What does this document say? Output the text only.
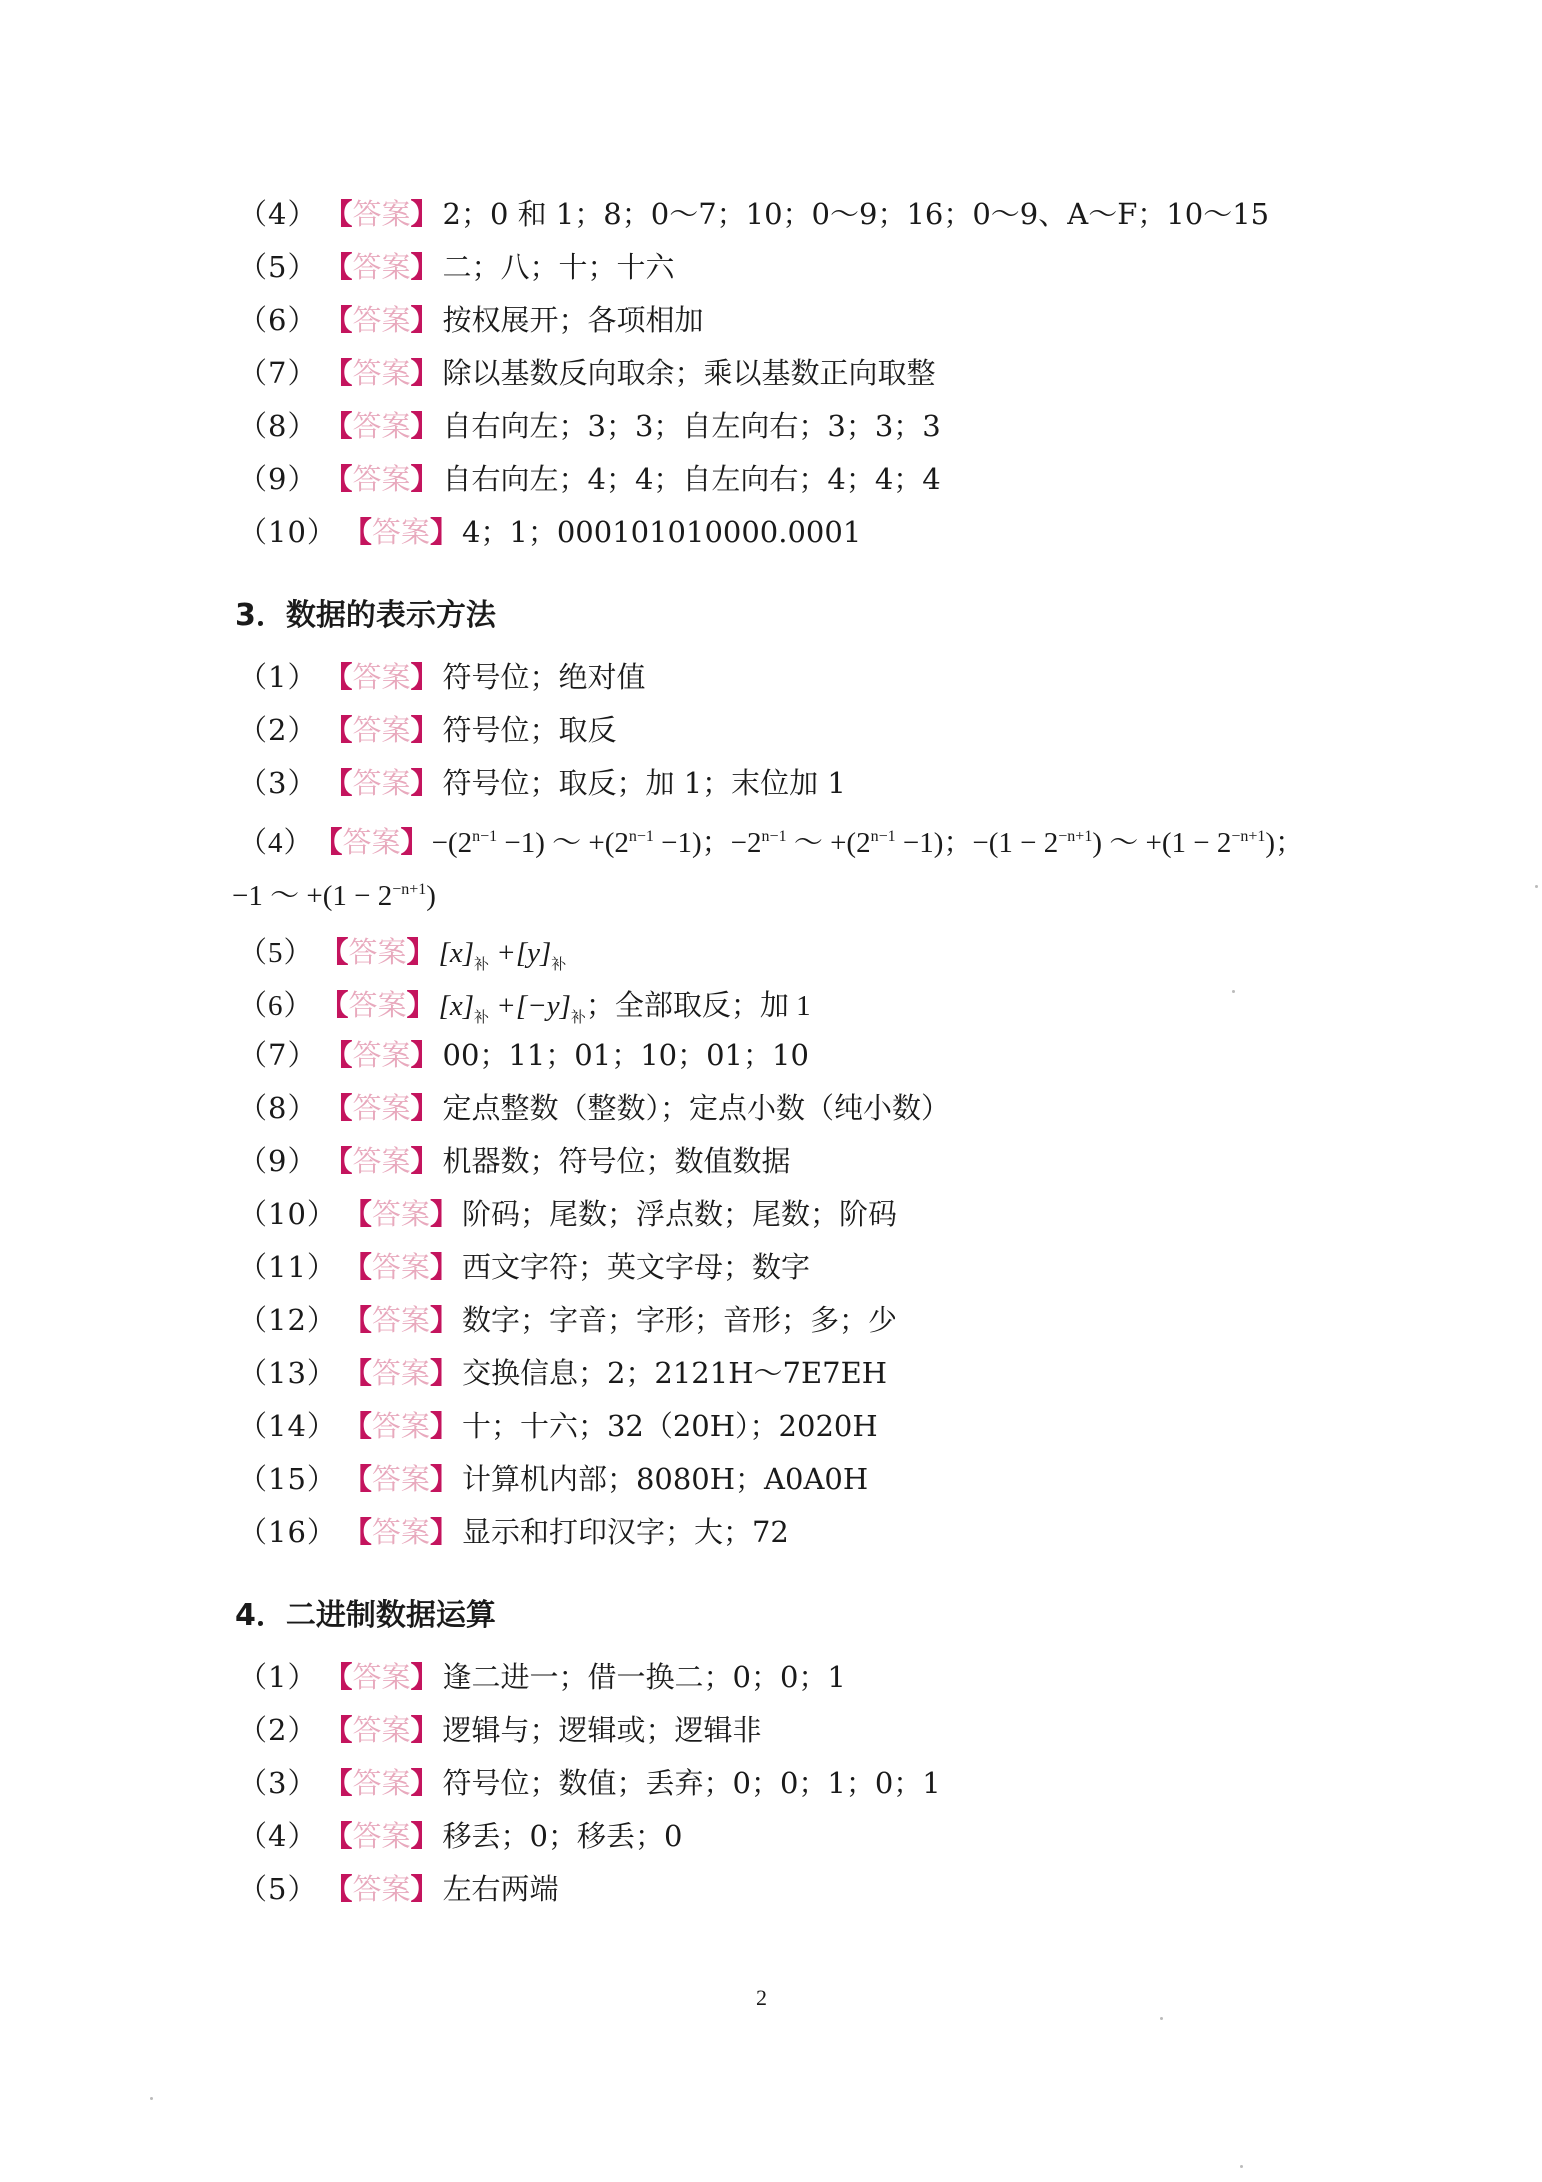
（4） 【答案】 2；0 和 1；8；0～7；10；0～9；16；0～9、A～F；10～15
（5） 【答案】 二；八；十；十六
（6） 【答案】 按权展开；各项相加
（7） 【答案】 除以基数反向取余；乘以基数正向取整
（8） 【答案】 自右向左；3；3；自左向右；3；3；3
（9） 【答案】 自右向左；4；4；自左向右；4；4；4
（10） 【答案】 4；1；000101010000.0001
3．数据的表示方法
（1） 【答案】 符号位；绝对值
（2） 【答案】 符号位；取反
（3） 【答案】 符号位；取反；加 1；末位加 1
（4）【答案】$-(2^{n-1} -1)$ ～ $+(2^{n-1} -1)$；$-2^{n-1}$ ～ $+(2^{n-1} -1)$；$-(1 - 2^{-n+1})$ ～ $+(1 - 2^{-n+1})$；
−1 ～ $+(1 - 2^{-n+1})$
（5） 【答案】 $[x]_补 +[y]_补$
（6） 【答案】 $[x]_补 +[-y]_补$；全部取反；加 1
（7） 【答案】 00；11；01；10；01；10
（8） 【答案】 定点整数（整数）；定点小数（纯小数）
（9） 【答案】 机器数；符号位；数值数据
（10） 【答案】 阶码；尾数；浮点数；尾数；阶码
（11） 【答案】 西文字符；英文字母；数字
（12） 【答案】 数字；字音；字形；音形；多；少
（13） 【答案】 交换信息；2；2121H～7E7EH
（14） 【答案】 十；十六；32（20H）；2020H
（15） 【答案】 计算机内部；8080H；A0A0H
（16） 【答案】 显示和打印汉字；大；72
4．二进制数据运算
（1） 【答案】 逢二进一；借一换二；0；0；1
（2） 【答案】 逻辑与；逻辑或；逻辑非
（3） 【答案】 符号位；数值；丢弃；0；0；1；0；1
（4） 【答案】 移丢；0；移丢；0
（5） 【答案】 左右两端
2
